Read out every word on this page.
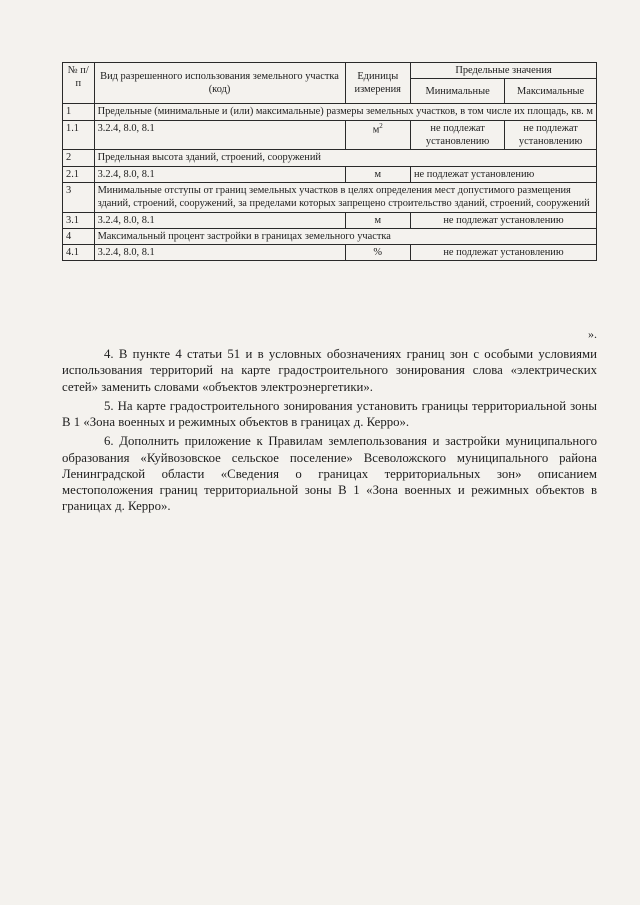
№ п/п	Вид разрешенного использования земельного участка (код)	Единицы измерения	Предельные значения	
			Минимальные	Максимальные
1	Предельные (минимальные и (или) максимальные) размеры земельных участков, в том числе их площадь, кв. м			
1.1	3.2.4, 8.0, 8.1	$м^2$	не подлежат установлению	не подлежат установлению
2	Предельная высота зданий, строений, сооружений			
2.1	3.2.4, 8.0, 8.1	м	не подлежат установлению	
3	Минимальные отступы от границ земельных участков в целях определения мест допустимого размещения зданий, строений, сооружений, за пределами которых запрещено строительство зданий, строений, сооружений			
3.1	3.2.4, 8.0, 8.1	м	не подлежат установлению	
4	Максимальный процент застройки в границах земельного участка			
4.1	3.2.4, 8.0, 8.1	%	не подлежат установлению	
».

4. В пункте 4 статьи 51 и в условных обозначениях границ зон с особыми условиями использования территорий на карте градостроительного зонирования слова «электрических сетей» заменить словами «объектов электроэнергетики».

5. На карте градостроительного зонирования установить границы территориальной зоны В 1 «Зона военных и режимных объектов в границах д. Керро».

6. Дополнить приложение к Правилам землепользования и застройки муниципального образования «Куйвозовское сельское поселение» Всеволожского муниципального района Ленинградской области «Сведения о границах территориальных зон» описанием местоположения границ территориальной зоны В 1 «Зона военных и режимных объектов в границах д. Керро».
